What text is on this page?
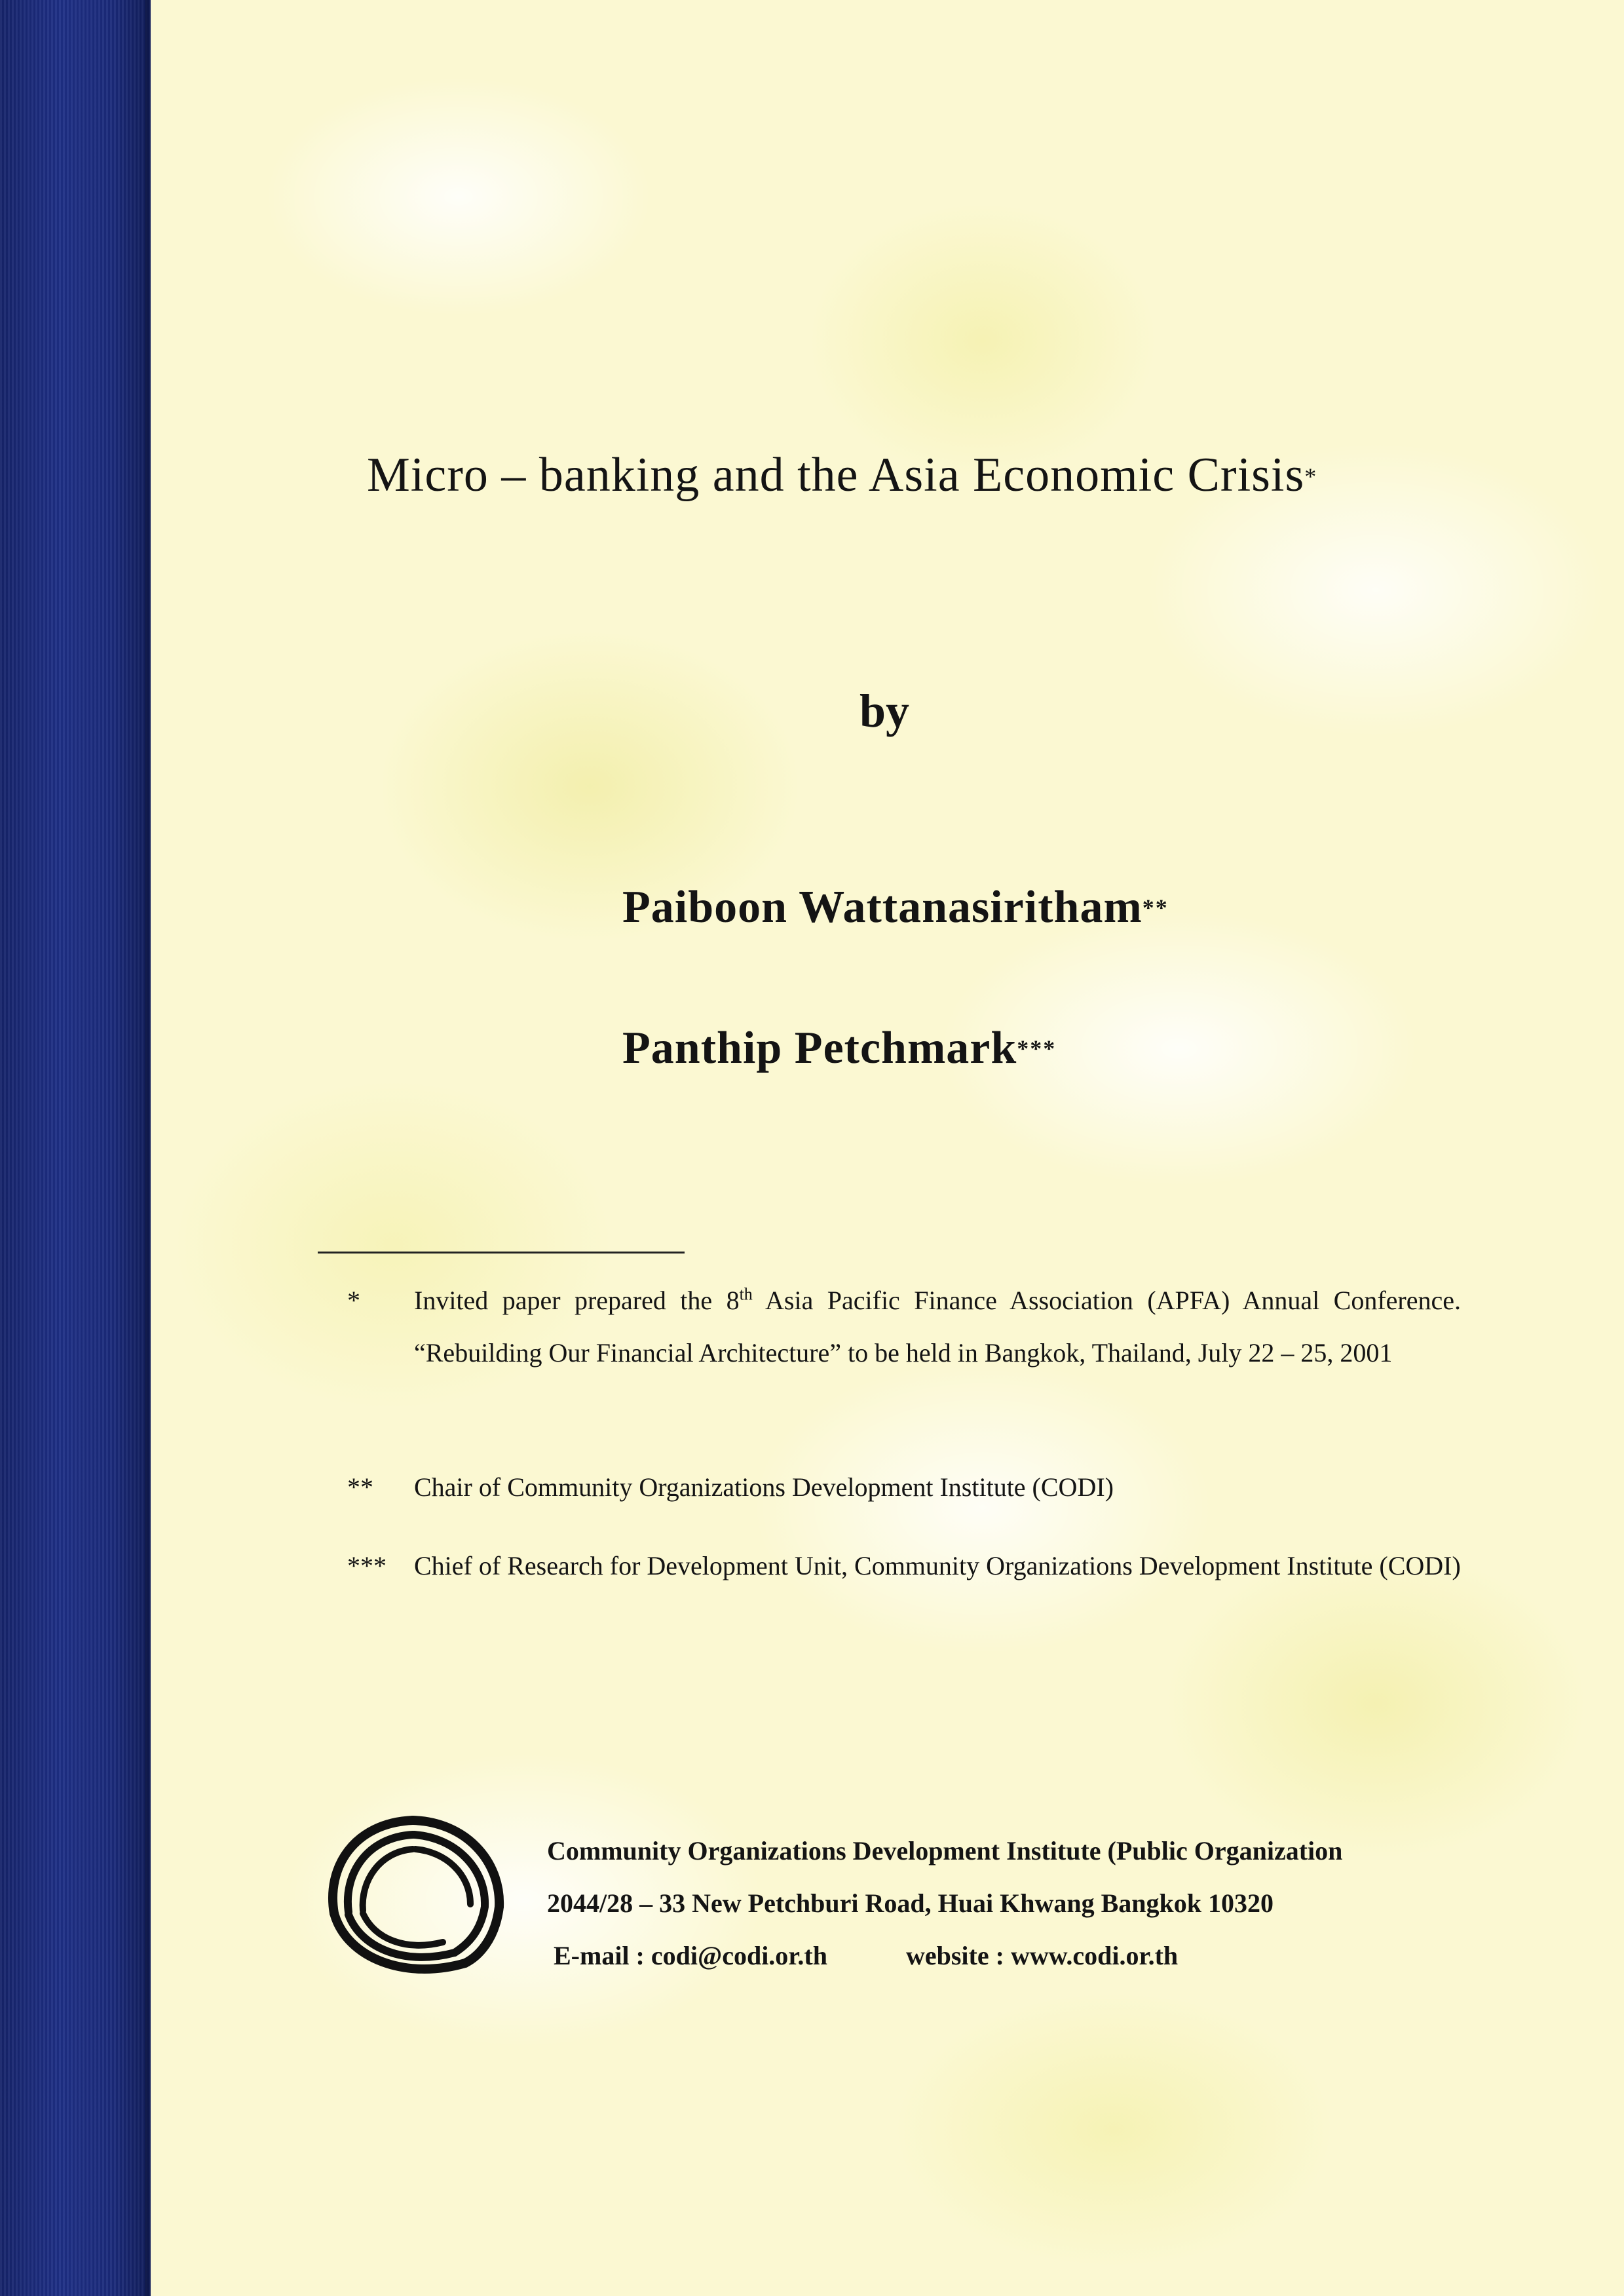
Micro – banking and the Asia Economic Crisis*
by
Paiboon Wattanasiritham**
Panthip Petchmark***
*	Invited paper prepared the 8th Asia Pacific Finance Association (APFA) Annual Conference. “Rebuilding Our Financial Architecture” to be held in Bangkok, Thailand, July 22 – 25, 2001
**	Chair of Community Organizations Development Institute (CODI)
***	Chief of Research for Development Unit, Community Organizations Development Institute (CODI)
Community Organizations Development Institute (Public Organization
2044/28 – 33 New Petchburi Road, Huai Khwang Bangkok 10320
E-mail : codi@codi.or.th	website : www.codi.or.th
